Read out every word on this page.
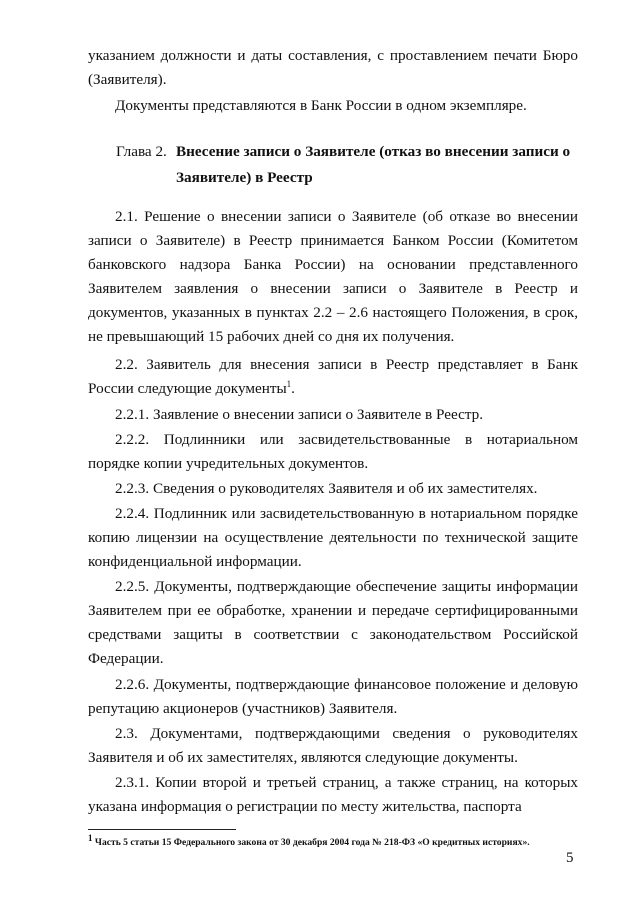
указанием должности и даты составления, с проставлением печати Бюро (Заявителя).

Документы представляются в Банк России в одном экземпляре.

Глава 2. Внесение записи о Заявителе (отказ во внесении записи о
Заявителе) в Реестр

2.1. Решение о внесении записи о Заявителе (об отказе во внесении записи о Заявителе) в Реестр принимается Банком России (Комитетом банковского надзора Банка России) на основании представленного Заявителем заявления о внесении записи о Заявителе в Реестр и документов, указанных в пунктах 2.2 – 2.6 настоящего Положения, в срок, не превышающий 15 рабочих дней со дня их получения.

2.2. Заявитель для внесения записи в Реестр представляет в Банк России следующие документы$^1$.

2.2.1. Заявление о внесении записи о Заявителе в Реестр.

2.2.2. Подлинники или засвидетельствованные в нотариальном порядке копии учредительных документов.

2.2.3. Сведения о руководителях Заявителя и об их заместителях.

2.2.4. Подлинник или засвидетельствованную в нотариальном порядке копию лицензии на осуществление деятельности по технической защите конфиденциальной информации.

2.2.5. Документы, подтверждающие обеспечение защиты информации Заявителем при ее обработке, хранении и передаче сертифицированными средствами защиты в соответствии с законодательством Российской Федерации.

2.2.6. Документы, подтверждающие финансовое положение и деловую репутацию акционеров (участников) Заявителя.

2.3. Документами, подтверждающими сведения о руководителях Заявителя и об их заместителях, являются следующие документы.

2.3.1. Копии второй и третьей страниц, а также страниц, на которых указана информация о регистрации по месту жительства, паспорта

$^1$ Часть 5 статьи 15 Федерального закона от 30 декабря 2004 года № 218-ФЗ «О кредитных историях».

5
